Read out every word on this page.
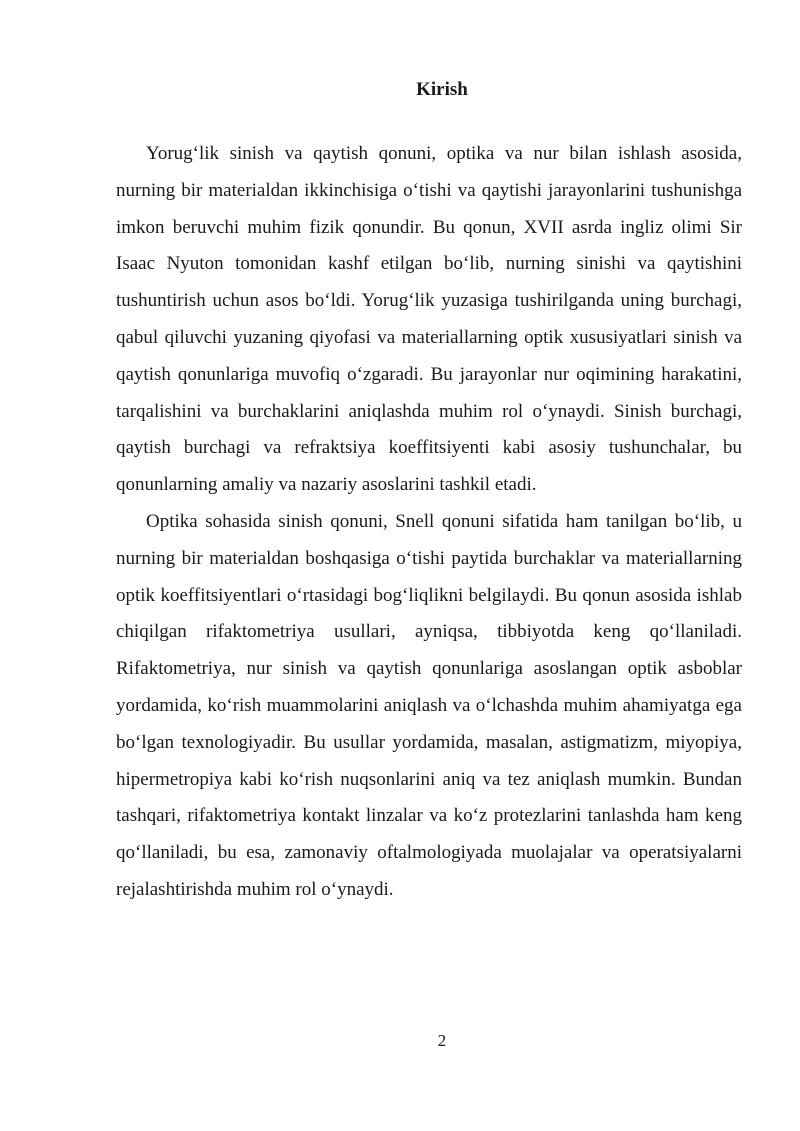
Kirish

Yorug‘lik sinish va qaytish qonuni, optika va nur bilan ishlash asosida, nurning bir materialdan ikkinchisiga o‘tishi va qaytishi jarayonlarini tushunishga imkon beruvchi muhim fizik qonundir. Bu qonun, XVII asrda ingliz olimi Sir Isaac Nyuton tomonidan kashf etilgan bo‘lib, nurning sinishi va qaytishini tushuntirish uchun asos bo‘ldi. Yorug‘lik yuzasiga tushirilganda uning burchagi, qabul qiluvchi yuzaning qiyofasi va materiallarning optik xususiyatlari sinish va qaytish qonunlariga muvofiq o‘zgaradi. Bu jarayonlar nur oqimining harakatini, tarqalishini va burchaklarini aniqlashda muhim rol o‘ynaydi. Sinish burchagi, qaytish burchagi va refraktsiya koeffitsiyenti kabi asosiy tushunchalar, bu qonunlarning amaliy va nazariy asoslarini tashkil etadi.

Optika sohasida sinish qonuni, Snell qonuni sifatida ham tanilgan bo‘lib, u nurning bir materialdan boshqasiga o‘tishi paytida burchaklar va materiallarning optik koeffitsiyentlari o‘rtasidagi bog‘liqlikni belgilaydi. Bu qonun asosida ishlab chiqilgan rifaktometriya usullari, ayniqsa, tibbiyotda keng qo‘llaniladi. Rifaktometriya, nur sinish va qaytish qonunlariga asoslangan optik asboblar yordamida, ko‘rish muammolarini aniqlash va o‘lchashda muhim ahamiyatga ega bo‘lgan texnologiyadir. Bu usullar yordamida, masalan, astigmatizm, miyopiya, hipermetropiya kabi ko‘rish nuqsonlarini aniq va tez aniqlash mumkin. Bundan tashqari, rifaktometriya kontakt linzalar va ko‘z protezlarini tanlashda ham keng qo‘llaniladi, bu esa, zamonaviy oftalmologiyada muolajalar va operatsiyalarni rejalashtirishda muhim rol o‘ynaydi.

2
